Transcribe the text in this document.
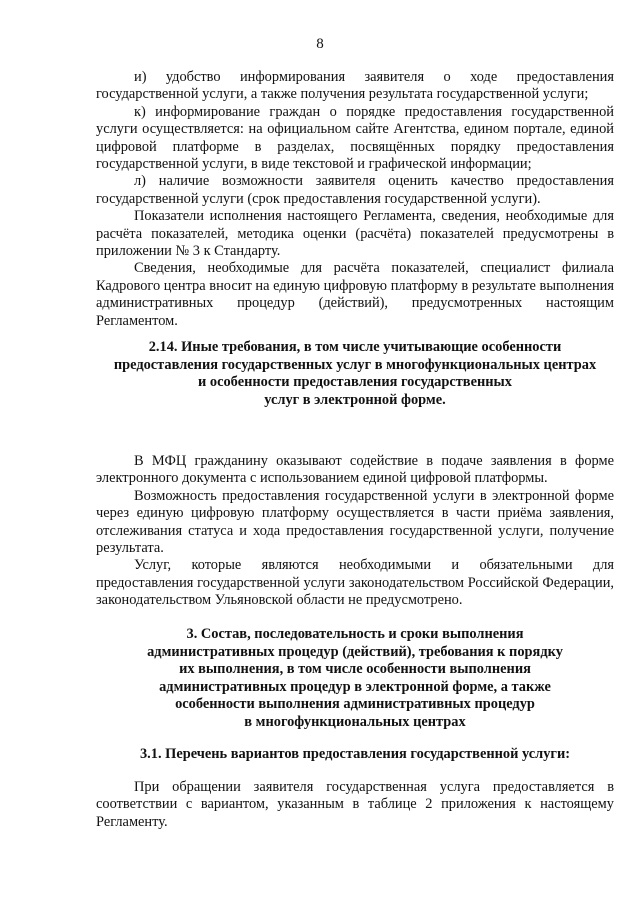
8

и) удобство информирования заявителя о ходе предоставления государственной услуги, а также получения результата государственной услуги;

к) информирование граждан о порядке предоставления государственной услуги осуществляется: на официальном сайте Агентства, едином портале, единой цифровой платформе в разделах, посвящённых порядку предоставления государственной услуги, в виде текстовой и графической информации;

л) наличие возможности заявителя оценить качество предоставления государственной услуги (срок предоставления государственной услуги).

Показатели исполнения настоящего Регламента, сведения, необходимые для расчёта показателей, методика оценки (расчёта) показателей предусмотрены в приложении № 3 к Стандарту.

Сведения, необходимые для расчёта показателей, специалист филиала Кадрового центра вносит на единую цифровую платформу в результате выполнения административных процедур (действий), предусмотренных настоящим Регламентом.

2.14. Иные требования, в том числе учитывающие особенности
предоставления государственных услуг в многофункциональных центрах
и особенности предоставления государственных
услуг в электронной форме.

В МФЦ гражданину оказывают содействие в подаче заявления в форме электронного документа с использованием единой цифровой платформы.

Возможность предоставления государственной услуги в электронной форме через единую цифровую платформу осуществляется в части приёма заявления, отслеживания статуса и хода предоставления государственной услуги, получение результата.

Услуг, которые являются необходимыми и обязательными для предоставления государственной услуги законодательством Российской Федерации, законодательством Ульяновской области не предусмотрено.

3. Состав, последовательность и сроки выполнения
административных процедур (действий), требования к порядку
их выполнения, в том числе особенности выполнения
административных процедур в электронной форме, а также
особенности выполнения административных процедур
в многофункциональных центрах
3.1. Перечень вариантов предоставления государственной услуги:

При обращении заявителя государственная услуга предоставляется в соответствии с вариантом, указанным в таблице 2 приложения к настоящему Регламенту.
